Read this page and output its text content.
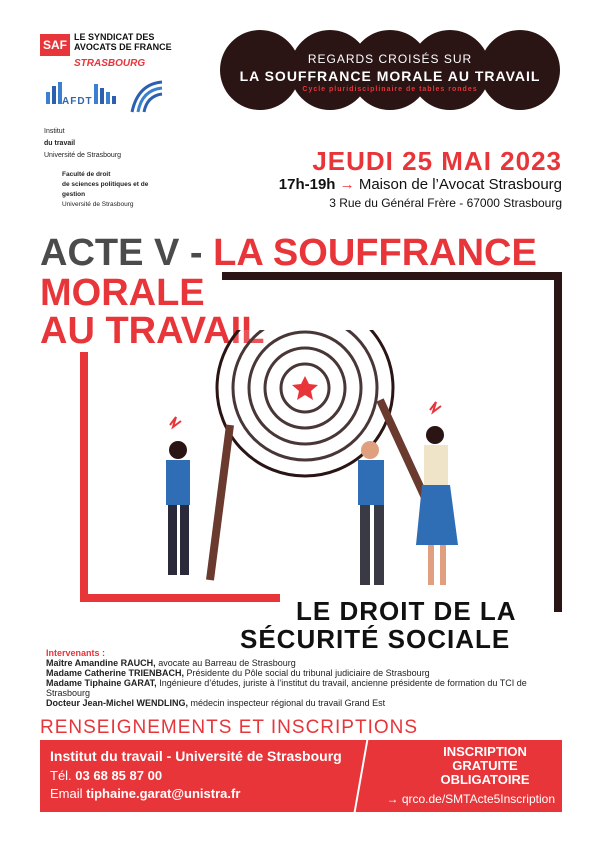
SAF
LE SYNDICAT DES
AVOCATS DE FRANCE
STRASBOURG
AFDT
Institut
du travail
Université de Strasbourg
Faculté de droit
de sciences politiques et de gestion
Université de Strasbourg
REGARDS CROISÉS SUR
LA SOUFFRANCE MORALE AU TRAVAIL
Cycle pluridisciplinaire de tables rondes
JEUDI 25 MAI 2023
17h-19h → Maison de l’Avocat Strasbourg
3 Rue du Général Frère - 67000 Strasbourg
ACTE V - LA SOUFFRANCE
MORALE
AU TRAVAIL
LE DROIT DE LA
SÉCURITÉ SOCIALE
Intervenants :
Maître Amandine RAUCH, avocate au Barreau de Strasbourg
Madame Catherine TRIENBACH, Présidente du Pôle social du tribunal judiciaire de Strasbourg
Madame Tiphaine GARAT, Ingénieure d’études, juriste à l’institut du travail, ancienne présidente de formation du TCI de Strasbourg
Docteur Jean-Michel WENDLING, médecin inspecteur régional du travail Grand Est
RENSEIGNEMENTS ET INSCRIPTIONS
Institut du travail - Université de Strasbourg
Tél. 03 68 85 87 00
Email tiphaine.garat@unistra.fr
INSCRIPTION
GRATUITE
OBLIGATOIRE
→ qrco.de/SMTActe5Inscription
